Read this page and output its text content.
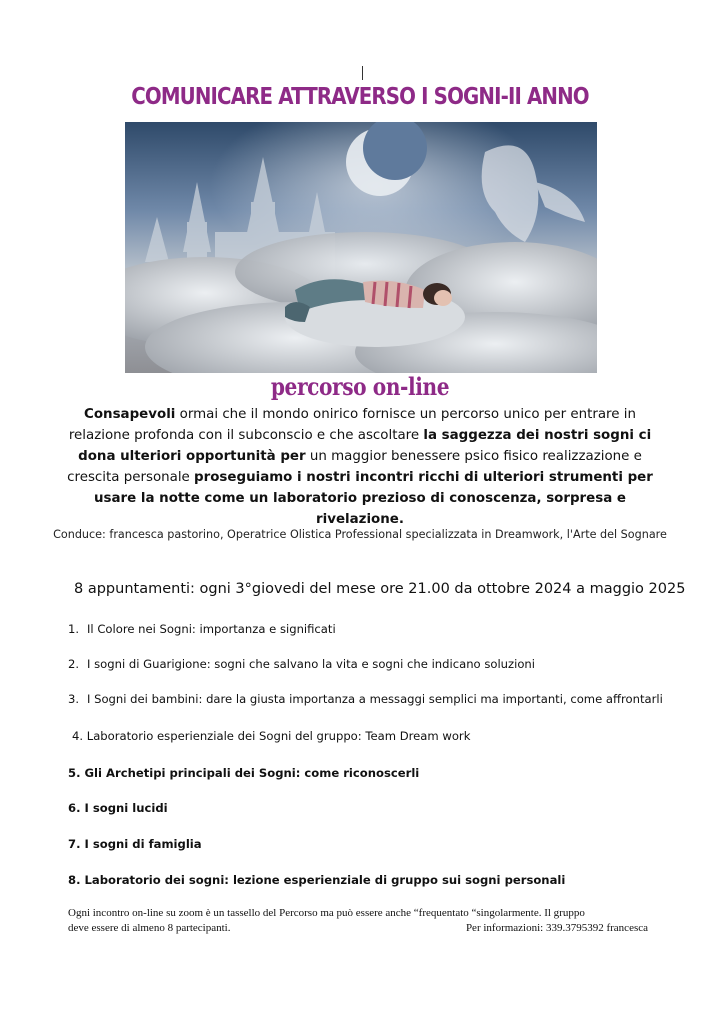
COMUNICARE ATTRAVERSO I SOGNI-II ANNO
percorso on-line
Consapevoli ormai che il mondo onirico fornisce un percorso unico per entrare in relazione profonda con il subconscio e che ascoltare la saggezza dei nostri sogni ci dona ulteriori opportunità per un maggior benessere psico fisico realizzazione e crescita personale proseguiamo i nostri incontri ricchi di ulteriori strumenti per usare la notte come un laboratorio prezioso di conoscenza, sorpresa e rivelazione.
Conduce: francesca pastorino, Operatrice Olistica Professional specializzata in Dreamwork, l'Arte del Sognare
8 appuntamenti: ogni 3°giovedi del mese ore 21.00 da ottobre 2024 a maggio 2025
1. Il Colore nei Sogni: importanza e significati
2. I sogni di Guarigione: sogni che salvano la vita e sogni che indicano soluzioni
3. I Sogni dei bambini: dare la giusta importanza a messaggi semplici ma importanti, come affrontarli
4. Laboratorio esperienziale dei Sogni del gruppo: Team Dream work
5. Gli Archetipi principali dei Sogni: come riconoscerli
6. I sogni lucidi
7. I sogni di famiglia
8. Laboratorio dei sogni: lezione esperienziale di gruppo sui sogni personali
Ogni incontro on-line su zoom è un tassello del Percorso ma può essere anche “frequentato “singolarmente. Il gruppo
deve essere di almeno 8 partecipanti.	Per informazioni: 339.3795392 francesca
